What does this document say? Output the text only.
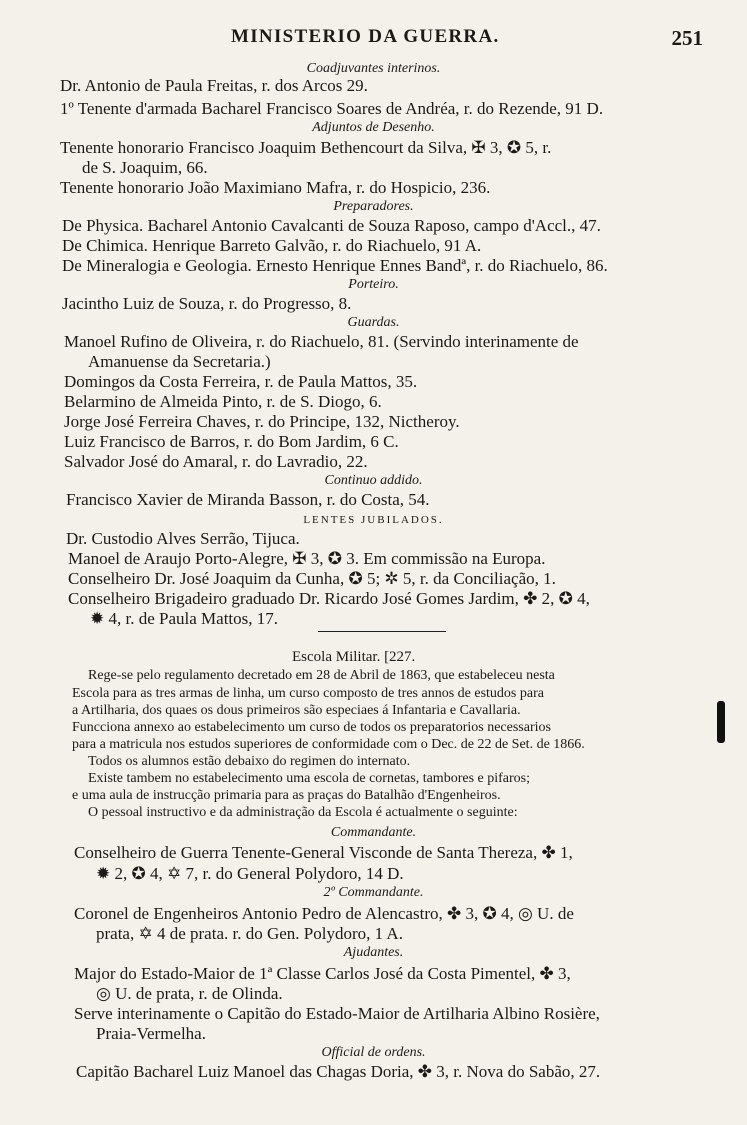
MINISTERIO DA GUERRA.	251
Coadjuvantes interinos.
Dr. Antonio de Paula Freitas, r. dos Arcos 29.
1º Tenente d'armada Bacharel Francisco Soares de Andréa, r. do Rezende, 91 D.
Adjuntos de Desenho.
Tenente honorario Francisco Joaquim Bethencourt da Silva, ✠ 3, ✪ 5, r.
de S. Joaquim, 66.
Tenente honorario João Maximiano Mafra, r. do Hospicio, 236.
Preparadores.
De Physica. Bacharel Antonio Cavalcanti de Souza Raposo, campo d'Accl., 47.
De Chimica. Henrique Barreto Galvão, r. do Riachuelo, 91 A.
De Mineralogia e Geologia. Ernesto Henrique Ennes Bandª, r. do Riachuelo, 86.
Porteiro.
Jacintho Luiz de Souza, r. do Progresso, 8.
Guardas.
Manoel Rufino de Oliveira, r. do Riachuelo, 81. (Servindo interinamente de
Amanuense da Secretaria.)
Domingos da Costa Ferreira, r. de Paula Mattos, 35.
Belarmino de Almeida Pinto, r. de S. Diogo, 6.
Jorge José Ferreira Chaves, r. do Principe, 132, Nictheroy.
Luiz Francisco de Barros, r. do Bom Jardim, 6 C.
Salvador José do Amaral, r. do Lavradio, 22.
Continuo addido.
Francisco Xavier de Miranda Basson, r. do Costa, 54.
LENTES JUBILADOS.
Dr. Custodio Alves Serrão, Tijuca.
Manoel de Araujo Porto-Alegre, ✠ 3, ✪ 3. Em commissão na Europa.
Conselheiro Dr. José Joaquim da Cunha, ✪ 5; ✲ 5, r. da Conciliação, 1.
Conselheiro Brigadeiro graduado Dr. Ricardo José Gomes Jardim, ✤ 2, ✪ 4,
✹ 4, r. de Paula Mattos, 17.
Escola Militar. [227.
Rege-se pelo regulamento decretado em 28 de Abril de 1863, que estabeleceu nesta
Escola para as tres armas de linha, um curso composto de tres annos de estudos para
a Artilharia, dos quaes os dous primeiros são especiaes á Infantaria e Cavallaria.
Funcciona annexo ao estabelecimento um curso de todos os preparatorios necessarios
para a matricula nos estudos superiores de conformidade com o Dec. de 22 de Set. de 1866.
Todos os alumnos estão debaixo do regimen do internato.
Existe tambem no estabelecimento uma escola de cornetas, tambores e pifaros;
e uma aula de instrucção primaria para as praças do Batalhão d'Engenheiros.
O pessoal instructivo e da administração da Escola é actualmente o seguinte:
Commandante.
Conselheiro de Guerra Tenente-General Visconde de Santa Thereza, ✤ 1,
✹ 2, ✪ 4, ✡ 7, r. do General Polydoro, 14 D.
2º Commandante.
Coronel de Engenheiros Antonio Pedro de Alencastro, ✤ 3, ✪ 4, ◎ U. de
prata, ✡ 4 de prata. r. do Gen. Polydoro, 1 A.
Ajudantes.
Major do Estado-Maior de 1ª Classe Carlos José da Costa Pimentel, ✤ 3,
◎ U. de prata, r. de Olinda.
Serve interinamente o Capitão do Estado-Maior de Artilharia Albino Rosière,
Praia-Vermelha.
Official de ordens.
Capitão Bacharel Luiz Manoel das Chagas Doria, ✤ 3, r. Nova do Sabão, 27.
